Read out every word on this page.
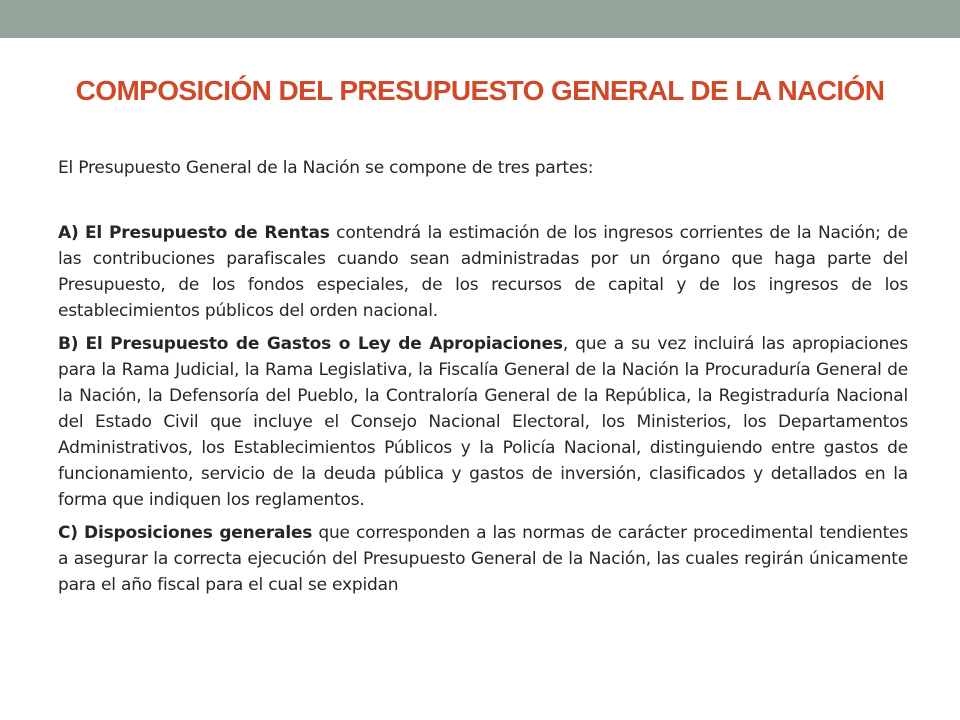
COMPOSICIÓN DEL PRESUPUESTO GENERAL DE LA NACIÓN

El Presupuesto General de la Nación se compone de tres partes:

A) El Presupuesto de Rentas contendrá la estimación de los ingresos corrientes de la Nación; de las contribuciones parafiscales cuando sean administradas por un órgano que haga parte del Presupuesto, de los fondos especiales, de los recursos de capital y de los ingresos de los establecimientos públicos del orden nacional.

B) El Presupuesto de Gastos o Ley de Apropiaciones, que a su vez incluirá las apropiaciones para la Rama Judicial, la Rama Legislativa, la Fiscalía General de la Nación la Procuraduría General de la Nación, la Defensoría del Pueblo, la Contraloría General de la República, la Registraduría Nacional del Estado Civil que incluye el Consejo Nacional Electoral, los Ministerios, los Departamentos Administrativos, los Establecimientos Públicos y la Policía Nacional, distinguiendo entre gastos de funcionamiento, servicio de la deuda pública y gastos de inversión, clasificados y detallados en la forma que indiquen los reglamentos.

C) Disposiciones generales que corresponden a las normas de carácter procedimental tendientes a asegurar la correcta ejecución del Presupuesto General de la Nación, las cuales regirán únicamente para el año fiscal para el cual se expidan
